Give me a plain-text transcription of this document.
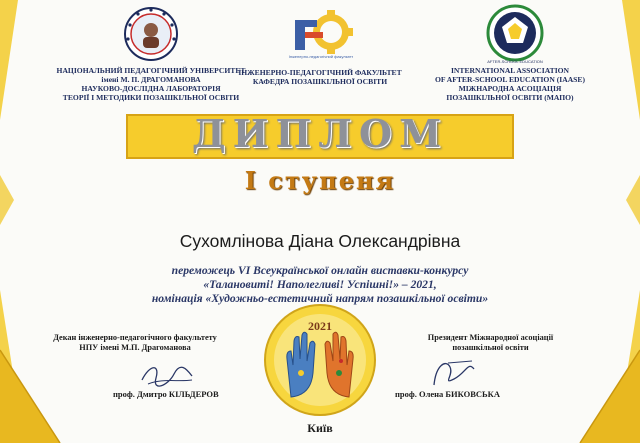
Інженерно-педагогічний факультет
AFTER-SCHOOL EDUCATION
НАЦІОНАЛЬНИЙ ПЕДАГОГІЧНИЙ УНІВЕРСИТЕТ
імені М. П. ДРАГОМАНОВА
НАУКОВО-ДОСЛІДНА ЛАБОРАТОРІЯ
ТЕОРІЇ І МЕТОДИКИ ПОЗАШКІЛЬНОЇ ОСВІТИ
ІНЖЕНЕРНО-ПЕДАГОГІЧНИЙ ФАКУЛЬТЕТ
КАФЕДРА ПОЗАШКІЛЬНОЇ ОСВІТИ
INTERNATIONAL ASSOCIATION
OF AFTER-SCHOOL EDUCATION (IAASE)
МІЖНАРОДНА АСОЦІАЦІЯ
ПОЗАШКІЛЬНОЇ ОСВІТИ (МАПО)
ДИПЛОМ
І ступеня
Сухомлінова Діана Олександрівна
переможець VI Всеукраїнської онлайн виставки-конкурсу
«Талановиті! Наполегливі! Успішні!» – 2021,
номінація «Художньо-естетичний напрям позашкільної освіти»
Декан інженерно-педагогічного факультету
НПУ імені М.П. Драгоманова
проф. Дмитро КІЛЬДЕРОВ
Президент Міжнародної асоціації
позашкільної освіти
проф. Олена БИКОВСЬКА
2021
Київ
